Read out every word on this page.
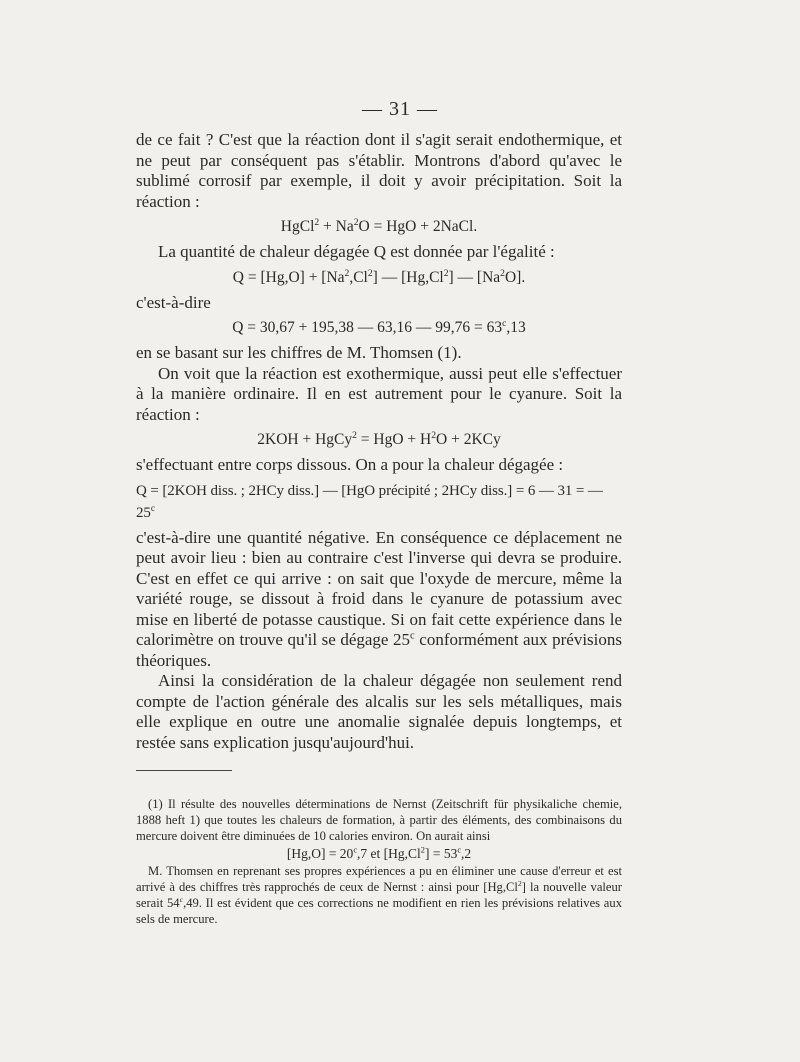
— 31 —

de ce fait ? C'est que la réaction dont il s'agit serait endothermique, et ne peut par conséquent pas s'établir. Montrons d'abord qu'avec le sublimé corrosif par exemple, il doit y avoir précipitation. Soit la réaction :

HgCl$^2$ + $Na^2O$ = HgO + 2NaCl.

La quantité de chaleur dégagée Q est donnée par l'égalité :

$Q = [Hg,O] + [Na^2,Cl^2]$ — [Hg,Cl$^2$] — [Na$^2$O].

c'est-à-dire

Q = 30,67 + 195,38 — 63,16 — $99,76 = 63^c,13$

en se basant sur les chiffres de M. Thomsen (1).

On voit que la réaction est exothermique, aussi peut elle s'effectuer à la manière ordinaire. Il en est autrement pour le cyanure. Soit la réaction :

2KOH + HgCy$^2$ = HgO + $H^2O + 2KCy$

s'effectuant entre corps dissous. On a pour la chaleur dégagée :

Q = [2KOH diss. ; 2HCy diss.] — [HgO précipité ; 2HCy diss.] = 6 — 31 = — 25$^c$

c'est-à-dire une quantité négative. En conséquence ce déplacement ne peut avoir lieu : bien au contraire c'est l'inverse qui devra se produire. C'est en effet ce qui arrive : on sait que l'oxyde de mercure, même la variété rouge, se dissout à froid dans le cyanure de potassium avec mise en liberté de potasse caustique. Si on fait cette expérience dans le calorimètre on trouve qu'il se dégage 25$^c$ conformément aux prévisions théoriques.

Ainsi la considération de la chaleur dégagée non seulement rend compte de l'action générale des alcalis sur les sels métalliques, mais elle explique en outre une anomalie signalée depuis longtemps, et restée sans explication jusqu'aujourd'hui.

(1) Il résulte des nouvelles déterminations de Nernst (Zeitschrift für physikaliche chemie, 1888 heft 1) que toutes les chaleurs de formation, à partir des éléments, des combinaisons du mercure doivent être diminuées de 10 calories environ. On aurait ainsi

$[Hg,O] = 20^c,7$ et $[Hg,Cl^2] = 53^c,2$

M. Thomsen en reprenant ses propres expériences a pu en éliminer une cause d'erreur et est arrivé à des chiffres très rapprochés de ceux de Nernst : ainsi pour [Hg,Cl$^2$] la nouvelle valeur serait 54$^c$,49. Il est évident que ces corrections ne modifient en rien les prévisions relatives aux sels de mercure.
